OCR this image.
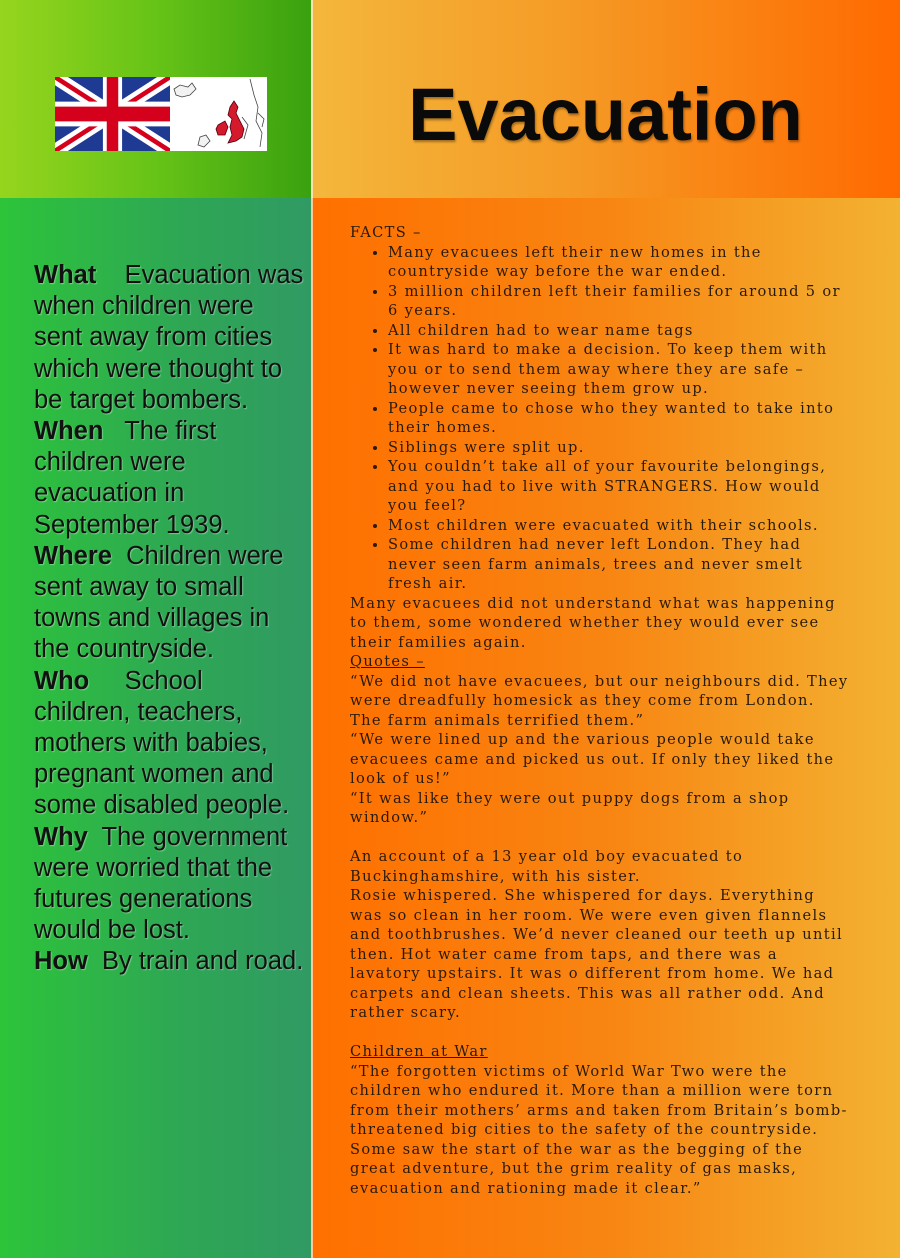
Evacuation

What Evacuation was when children were sent away from cities which were thought to be target bombers.

When The first children were evacuation in September 1939.

Where Children were sent away to small towns and villages in the countryside.

Who School children, teachers, mothers with babies, pregnant women and some disabled people.

Why The government were worried that the futures generations would be lost.

How By train and road.

FACTS –

• Many evacuees left their new homes in the countryside way before the war ended.
• 3 million children left their families for around 5 or 6 years.
• All children had to wear name tags
• It was hard to make a decision. To keep them with you or to send them away where they are safe – however never seeing them grow up.
• People came to chose who they wanted to take into their homes.
• Siblings were split up.
• You couldn’t take all of your favourite belongings, and you had to live with STRANGERS. How would you feel?
• Most children were evacuated with their schools.
• Some children had never left London. They had never seen farm animals, trees and never smelt fresh air.

Many evacuees did not understand what was happening to them, some wondered whether they would ever see their families again.

Quotes –

“We did not have evacuees, but our neighbours did. They were dreadfully homesick as they come from London. The farm animals terrified them.”

“We were lined up and the various people would take evacuees came and picked us out. If only they liked the look of us!”

“It was like they were out puppy dogs from a shop window.”

An account of a 13 year old boy evacuated to Buckinghamshire, with his sister.

Rosie whispered. She whispered for days. Everything was so clean in her room. We were even given flannels and toothbrushes. We’d never cleaned our teeth up until then. Hot water came from taps, and there was a lavatory upstairs. It was o different from home. We had carpets and clean sheets. This was all rather odd. And rather scary.

Children at War

“The forgotten victims of World War Two were the children who endured it. More than a million were torn from their mothers’ arms and taken from Britain’s bomb-threatened big cities to the safety of the countryside. Some saw the start of the war as the begging of the great adventure, but the grim reality of gas masks, evacuation and rationing made it clear.”
